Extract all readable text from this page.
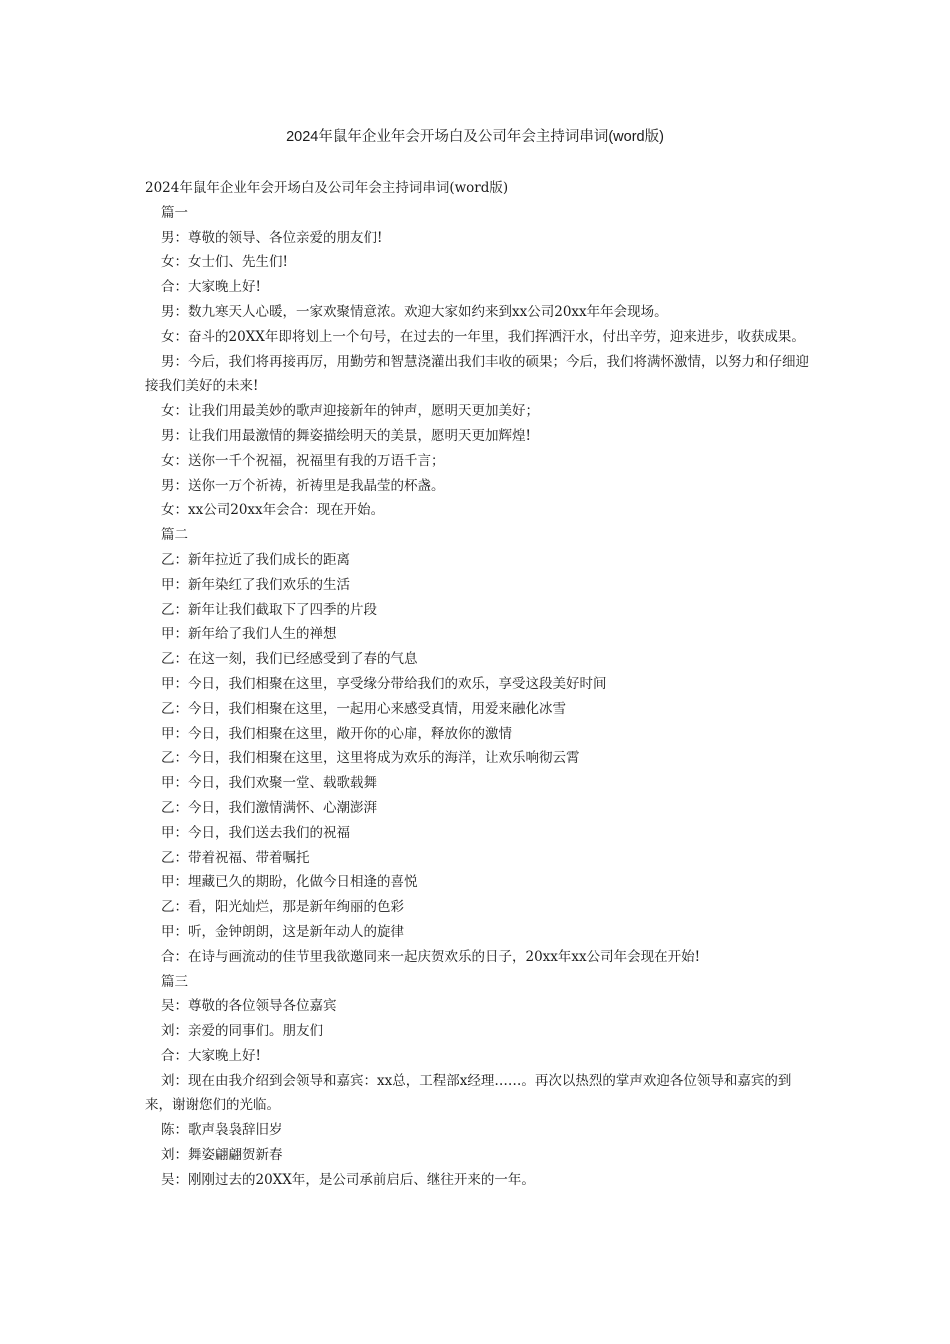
2024年鼠年企业年会开场白及公司年会主持词串词(word版)

2024年鼠年企业年会开场白及公司年会主持词串词(word版)

篇一

男：尊敬的领导、各位亲爱的朋友们!

女：女士们、先生们!

合：大家晚上好!

男：数九寒天人心暖，一家欢聚情意浓。欢迎大家如约来到xx公司20xx年年会现场。

女：奋斗的20XX年即将划上一个句号，在过去的一年里，我们挥洒汗水，付出辛劳，迎来进步，收获成果。

男：今后，我们将再接再厉，用勤劳和智慧浇灌出我们丰收的硕果；今后，我们将满怀激情，以努力和仔细迎接我们美好的未来!

女：让我们用最美妙的歌声迎接新年的钟声，愿明天更加美好；

男：让我们用最激情的舞姿描绘明天的美景，愿明天更加辉煌!

女：送你一千个祝福，祝福里有我的万语千言；

男：送你一万个祈祷，祈祷里是我晶莹的杯盏。

女：xx公司20xx年会合：现在开始。

篇二

乙：新年拉近了我们成长的距离

甲：新年染红了我们欢乐的生活

乙：新年让我们截取下了四季的片段

甲：新年给了我们人生的禅想

乙：在这一刻，我们已经感受到了春的气息

甲：今日，我们相聚在这里，享受缘分带给我们的欢乐，享受这段美好时间

乙：今日，我们相聚在这里，一起用心来感受真情，用爱来融化冰雪

甲：今日，我们相聚在这里，敞开你的心扉，释放你的激情

乙：今日，我们相聚在这里，这里将成为欢乐的海洋，让欢乐响彻云霄

甲：今日，我们欢聚一堂、载歌载舞

乙：今日，我们激情满怀、心潮澎湃

甲：今日，我们送去我们的祝福

乙：带着祝福、带着嘱托

甲：埋藏已久的期盼，化做今日相逢的喜悦

乙：看，阳光灿烂，那是新年绚丽的色彩

甲：听，金钟朗朗，这是新年动人的旋律

合：在诗与画流动的佳节里我欲邀同来一起庆贺欢乐的日子，20xx年xx公司年会现在开始!

篇三

吴：尊敬的各位领导各位嘉宾

刘：亲爱的同事们。朋友们

合：大家晚上好!

刘：现在由我介绍到会领导和嘉宾：xx总，工程部x经理……。再次以热烈的掌声欢迎各位领导和嘉宾的到来，谢谢您们的光临。

陈：歌声袅袅辞旧岁

刘：舞姿翩翩贺新春

吴：刚刚过去的20XX年，是公司承前启后、继往开来的一年。
